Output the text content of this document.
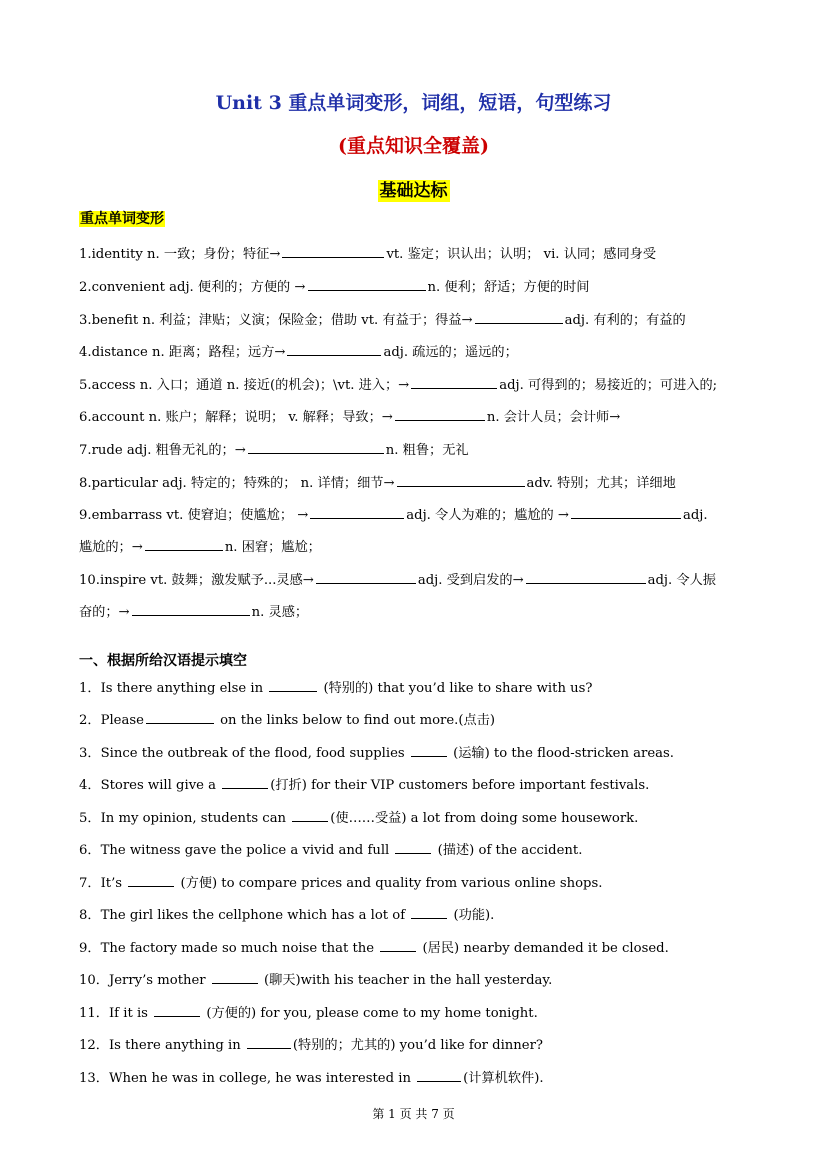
Unit 3 重点单词变形，词组，短语，句型练习
(重点知识全覆盖)
基础达标
重点单词变形
1.identity n. 一致；身份；特征→	vt. 鉴定；识认出；认明； vi. 认同；感同身受
2.convenient adj. 便利的；方便的 →	n. 便利；舒适；方便的时间
3.benefit n. 利益；津贴；义演；保险金；借助 vt. 有益于；得益→	adj. 有利的；有益的
4.distance n. 距离；路程；远方→	adj. 疏远的；遥远的；
5.access n. 入口；通道 n. 接近(的机会)；\vt. 进入；→	adj. 可得到的；易接近的；可进入的;
6.account n. 账户；解释；说明； v. 解释；导致；→	n. 会计人员；会计师→
7.rude adj. 粗鲁无礼的；→	n. 粗鲁；无礼
8.particular adj. 特定的；特殊的； n. 详情；细节→	adv. 特别；尤其；详细地
9.embarrass vt. 使窘迫；使尴尬； →	adj. 令人为难的；尴尬的 →	adj.
尴尬的；→	n. 困窘；尴尬；
10.inspire vt. 鼓舞；激发赋予...灵感→	adj. 受到启发的→	adj. 令人振
奋的；→	n. 灵感；
一、根据所给汉语提示填空
1．Is there anything else in	(特别的) that you’d like to share with us?
2．Please	on the links below to find out more.(点击)
3．Since the outbreak of the flood, food supplies	(运输) to the flood-stricken areas.
4．Stores will give a	(打折) for their VIP customers before important festivals.
5．In my opinion, students can	(使……受益) a lot from doing some housework.
6．The witness gave the police a vivid and full	(描述) of the accident.
7．It’s	(方便) to compare prices and quality from various online shops.
8．The girl likes the cellphone which has a lot of	(功能).
9．The factory made so much noise that the	(居民) nearby demanded it be closed.
10．Jerry’s mother	(聊天)with his teacher in the hall yesterday.
11．If it is	(方便的) for you, please come to my home tonight.
12．Is there anything in	(特别的；尤其的) you’d like for dinner?
13．When he was in college, he was interested in	(计算机软件).
第 1 页 共 7 页
